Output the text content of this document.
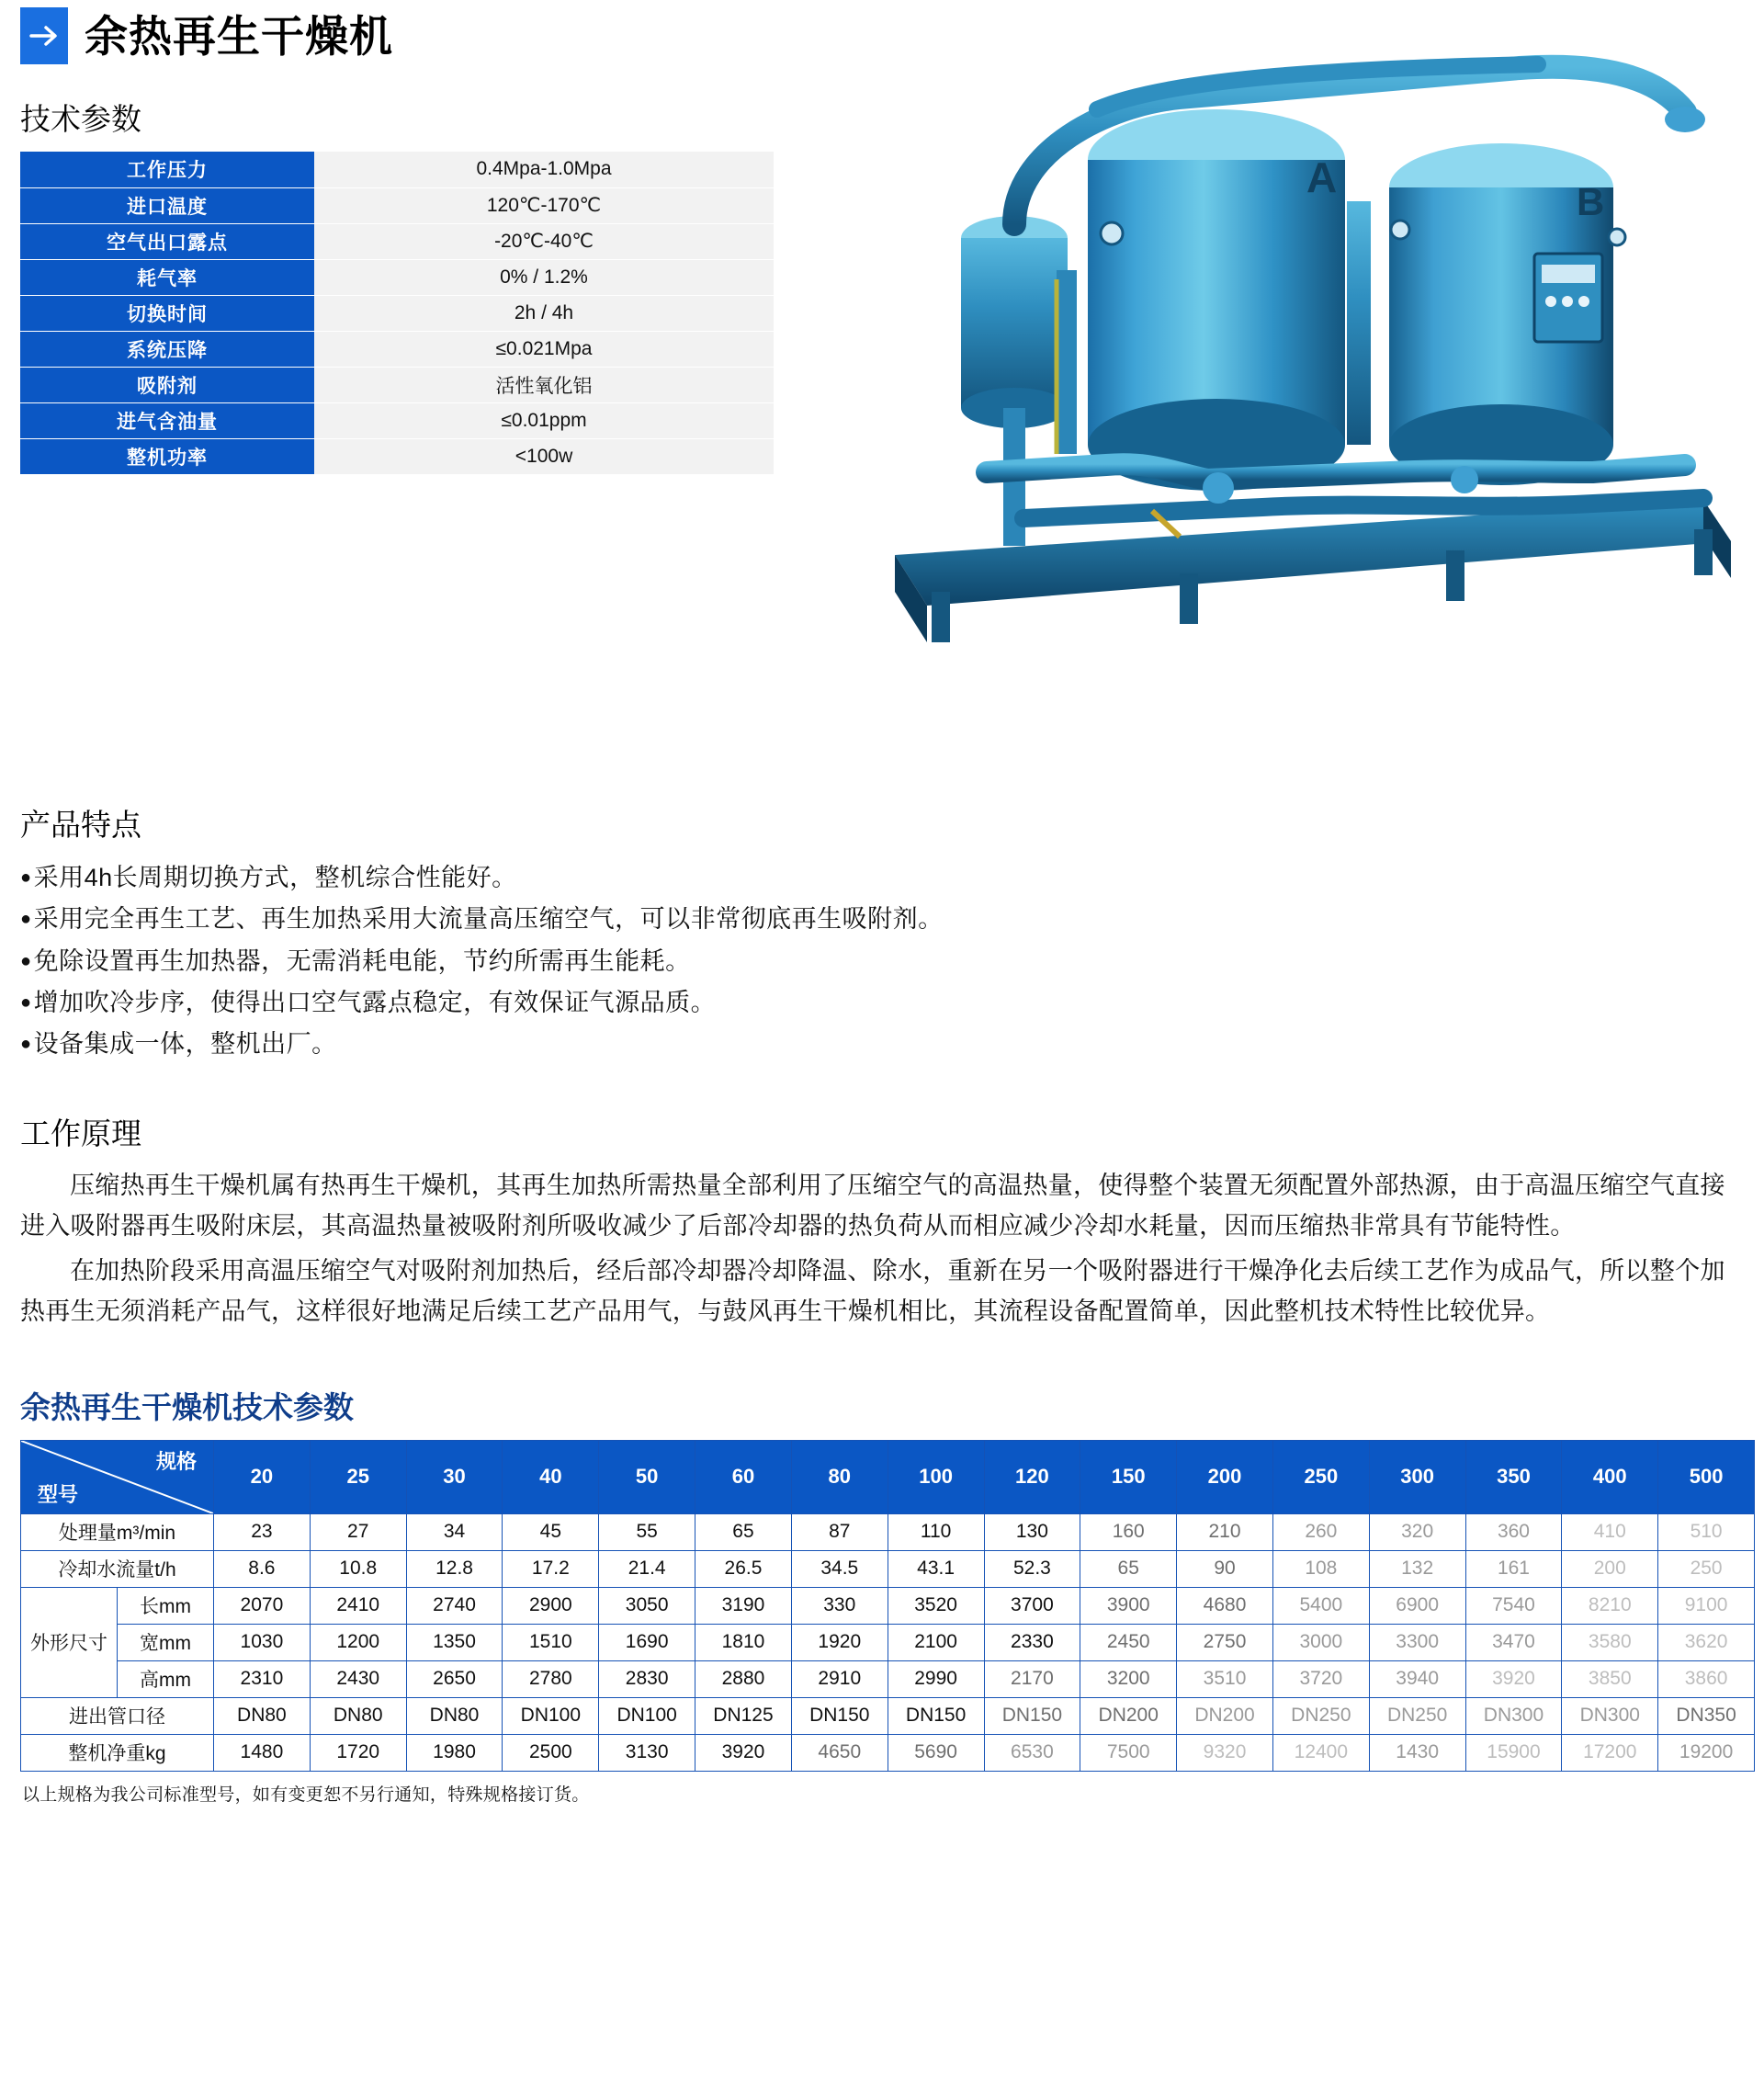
余热再生干燥机
技术参数
工作压力	0.4Mpa-1.0Mpa
进口温度	120℃-170℃
空气出口露点	-20℃-40℃
耗气率	0% / 1.2%
切换时间	2h / 4h
系统压降	≤0.021Mpa
吸附剂	活性氧化铝
进气含油量	≤0.01ppm
整机功率	<100w
A
B
产品特点
●采用4h长周期切换方式，整机综合性能好。
●采用完全再生工艺、再生加热采用大流量高压缩空气，可以非常彻底再生吸附剂。
●免除设置再生加热器，无需消耗电能，节约所需再生能耗。
●增加吹冷步序，使得出口空气露点稳定，有效保证气源品质。
●设备集成一体，整机出厂。
工作原理

压缩热再生干燥机属有热再生干燥机，其再生加热所需热量全部利用了压缩空气的高温热量，使得整个装置无须配置外部热源，由于高温压缩空气直接进入吸附器再生吸附床层，其高温热量被吸附剂所吸收减少了后部冷却器的热负荷从而相应减少冷却水耗量，因而压缩热非常具有节能特性。

在加热阶段采用高温压缩空气对吸附剂加热后，经后部冷却器冷却降温、除水，重新在另一个吸附器进行干燥净化去后续工艺作为成品气，所以整个加热再生无须消耗产品气，这样很好地满足后续工艺产品用气，与鼓风再生干燥机相比，其流程设备配置简单，因此整机技术特性比较优异。

余热再生干燥机技术参数
规格
型号		20	25	30	40	50	60	80	100	120	150	200	250	300	350	400	500
处理量m³/min		23	27	34	45	55	65	87	110	130	160	210	260	320	360	410	510
冷却水流量t/h		8.6	10.8	12.8	17.2	21.4	26.5	34.5	43.1	52.3	65	90	108	132	161	200	250
外形尺寸	长mm	2070	2410	2740	2900	3050	3190	330	3520	3700	3900	4680	5400	6900	7540	8210	9100
	宽mm	1030	1200	1350	1510	1690	1810	1920	2100	2330	2450	2750	3000	3300	3470	3580	3620
	高mm	2310	2430	2650	2780	2830	2880	2910	2990	2170	3200	3510	3720	3940	3920	3850	3860
进出管口径		DN80	DN80	DN80	DN100	DN100	DN125	DN150	DN150	DN150	DN200	DN200	DN250	DN250	DN300	DN300	DN350
整机净重kg		1480	1720	1980	2500	3130	3920	4650	5690	6530	7500	9320	12400	1430	15900	17200	19200
以上规格为我公司标准型号，如有变更恕不另行通知，特殊规格接订货。
